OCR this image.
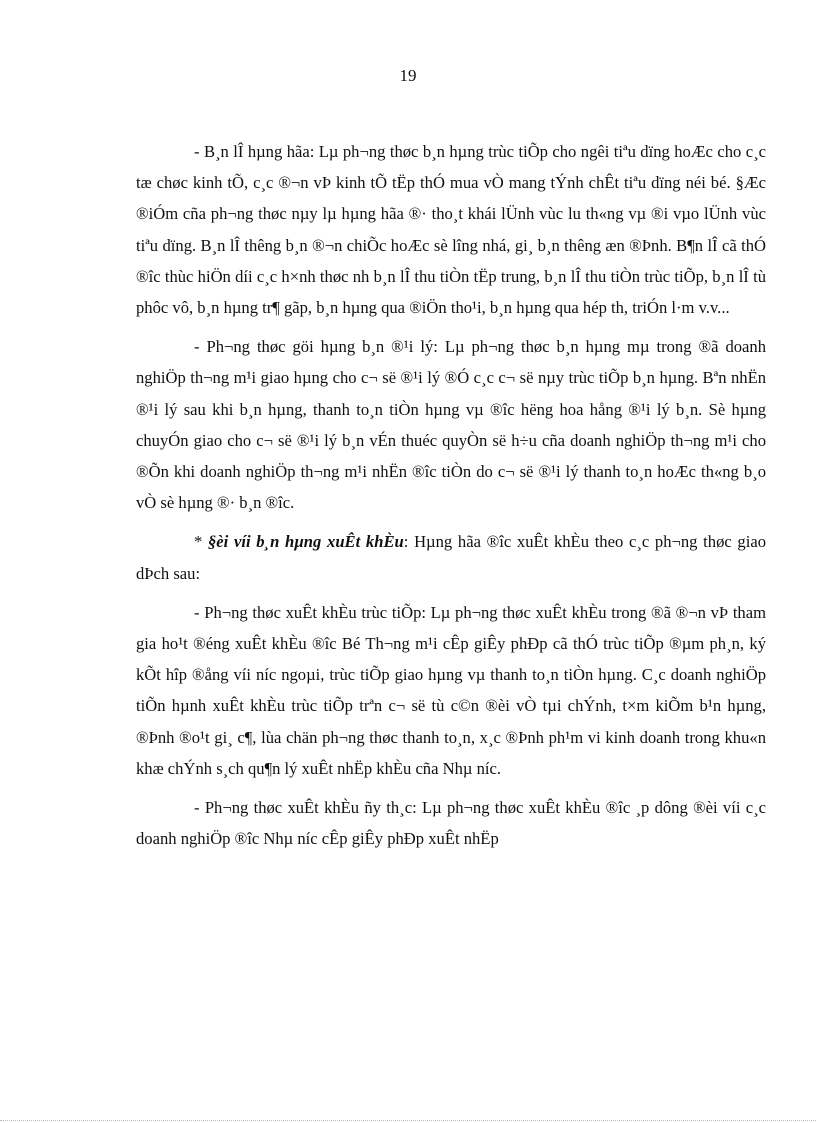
19

- B¸n lÎ hµng hãa: Lµ ph¬ng thøc b¸n hµng trùc tiÕp cho ngêi tiªu dïng hoÆc cho c¸c tæ chøc kinh tÕ, c¸c ®¬n vÞ kinh tÕ tËp thÓ mua vÒ mang tÝnh chÊt tiªu dïng néi bé. §Æc ®iÓm cña ph¬ng thøc nµy lµ hµng hãa ®· tho¸t khái lÜnh vùc lu th«ng vµ ®i vµo lÜnh vùc tiªu dïng. B¸n lÎ thêng b¸n ®¬n chiÕc hoÆc sè lîng nhá, gi¸ b¸n thêng æn ®Þnh. B¶n lÎ cã thÓ ®îc thùc hiÖn díi c¸c h×nh thøc nh b¸n lÎ thu tiÒn tËp trung, b¸n lÎ thu tiÒn trùc tiÕp, b¸n lÎ tù phôc vô, b¸n hµng tr¶ gãp, b¸n hµng qua ®iÖn tho¹i, b¸n hµng qua hép th, triÓn l·m v.v...

- Ph¬ng thøc göi hµng b¸n ®¹i lý: Lµ ph¬ng thøc b¸n hµng mµ trong ®ã doanh nghiÖp th¬ng m¹i giao hµng cho c¬ së ®¹i lý ®Ó c¸c c¬ së nµy trùc tiÕp b¸n hµng. Bªn nhËn ®¹i lý sau khi b¸n hµng, thanh to¸n tiÒn hµng vµ ®îc hëng hoa hång ®¹i lý b¸n. Sè hµng chuyÓn giao cho c¬ së ®¹i lý b¸n vÉn thuéc quyÒn së h÷u cña doanh nghiÖp th¬ng m¹i cho ®Õn khi doanh nghiÖp th¬ng m¹i nhËn ®îc tiÒn do c¬ së ®¹i lý thanh to¸n hoÆc th«ng b¸o vÒ sè hµng ®· b¸n ®îc.

* §èi víi b¸n hµng xuÊt khÈu: Hµng hãa ®îc xuÊt khÈu theo c¸c ph¬ng thøc giao dÞch sau:

- Ph¬ng thøc xuÊt khÈu trùc tiÕp: Lµ ph¬ng thøc xuÊt khÈu trong ®ã ®¬n vÞ tham gia ho¹t ®éng xuÊt khÈu ®îc Bé Th¬ng m¹i cÊp giÊy phÐp cã thÓ trùc tiÕp ®µm ph¸n, ký kÕt hîp ®ång víi níc ngoµi, trùc tiÕp giao hµng vµ thanh to¸n tiÒn hµng. C¸c doanh nghiÖp tiÕn hµnh xuÊt khÈu trùc tiÕp trªn c¬ së tù c©n ®èi vÒ tµi chÝnh, t×m kiÕm b¹n hµng, ®Þnh ®o¹t gi¸ c¶, lùa chän ph¬ng thøc thanh to¸n, x¸c ®Þnh ph¹m vi kinh doanh trong khu«n khæ chÝnh s¸ch qu¶n lý xuÊt nhËp khÈu cña Nhµ níc.

- Ph¬ng thøc xuÊt khÈu ñy th¸c: Lµ ph¬ng thøc xuÊt khÈu ®îc ¸p dông ®èi víi c¸c doanh nghiÖp ®îc Nhµ níc cÊp giÊy phÐp xuÊt nhËp
